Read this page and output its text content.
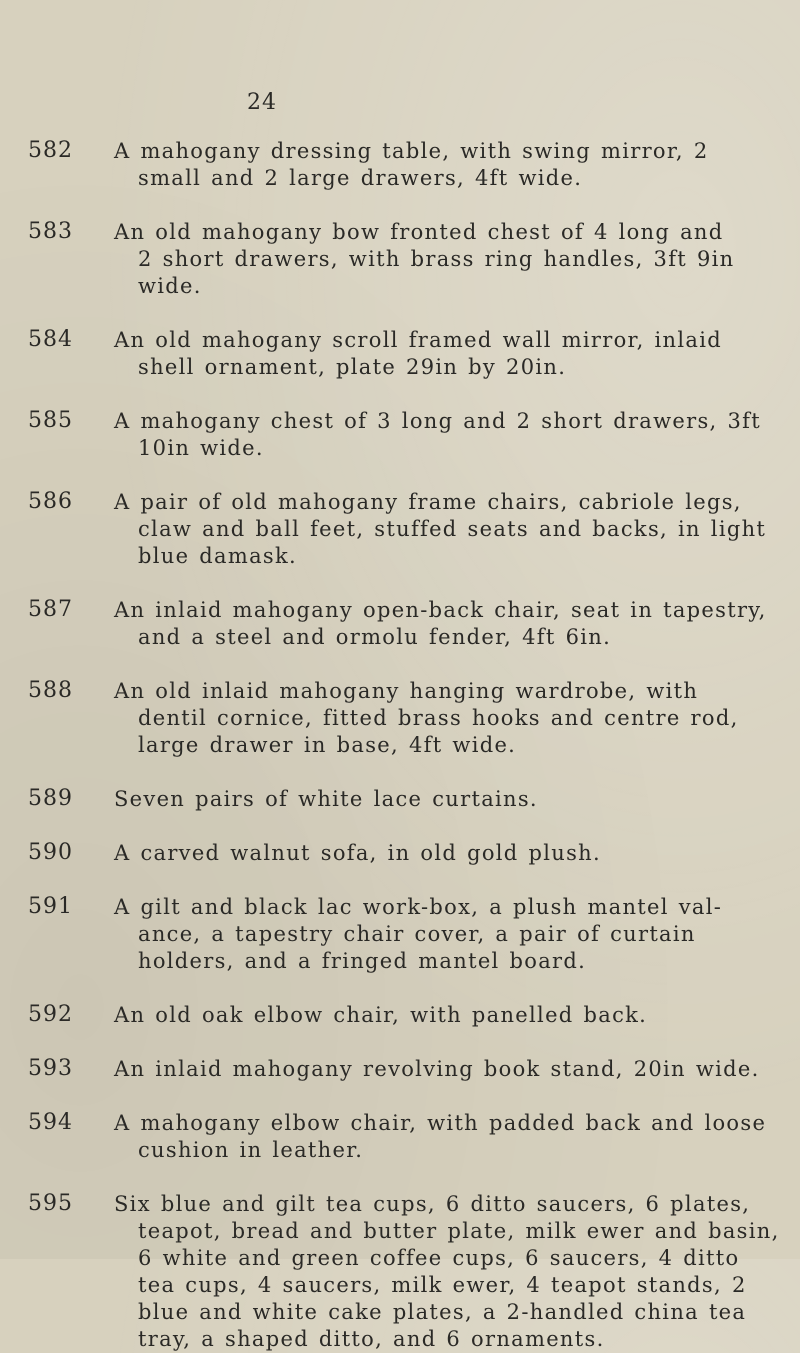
24
582 A mahogany dressing table, with swing mirror, 2
small and 2 large drawers, 4ft wide.
583 An old mahogany bow fronted chest of 4 long and
2 short drawers, with brass ring handles, 3ft 9in
wide.
584 An old mahogany scroll framed wall mirror, inlaid
shell ornament, plate 29in by 20in.
585 A mahogany chest of 3 long and 2 short drawers, 3ft
10in wide.
586 A pair of old mahogany frame chairs, cabriole legs,
claw and ball feet, stuffed seats and backs, in light
blue damask.
587 An inlaid mahogany open-back chair, seat in tapestry,
and a steel and ormolu fender, 4ft 6in.
588 An old inlaid mahogany hanging wardrobe, with
dentil cornice, fitted brass hooks and centre rod,
large drawer in base, 4ft wide.
589 Seven pairs of white lace curtains.
590 A carved walnut sofa, in old gold plush.
591 A gilt and black lac work-box, a plush mantel val-
ance, a tapestry chair cover, a pair of curtain
holders, and a fringed mantel board.
592 An old oak elbow chair, with panelled back.
593 An inlaid mahogany revolving book stand, 20in wide.
594 A mahogany elbow chair, with padded back and loose
cushion in leather.
595 Six blue and gilt tea cups, 6 ditto saucers, 6 plates,
teapot, bread and butter plate, milk ewer and basin,
6 white and green coffee cups, 6 saucers, 4 ditto
tea cups, 4 saucers, milk ewer, 4 teapot stands, 2
blue and white cake plates, a 2-handled china tea
tray, a shaped ditto, and 6 ornaments.
